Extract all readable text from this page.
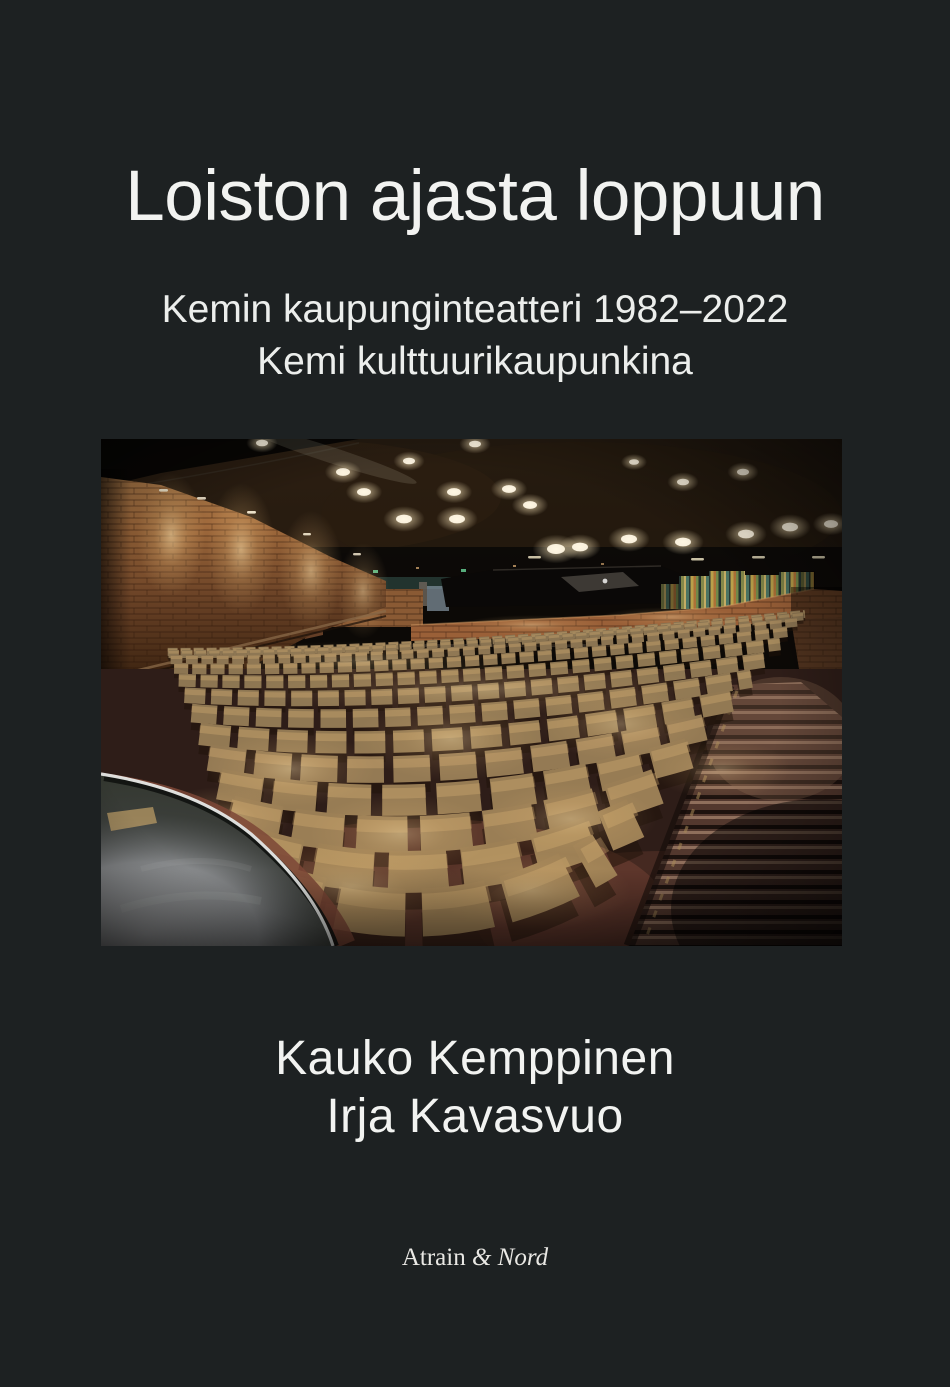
Loiston ajasta loppuun
Kemin kaupunginteatteri 1982–2022
Kemi kulttuurikaupunkina
Kauko Kemppinen
Irja Kavasvuo
Atrain & Nord
